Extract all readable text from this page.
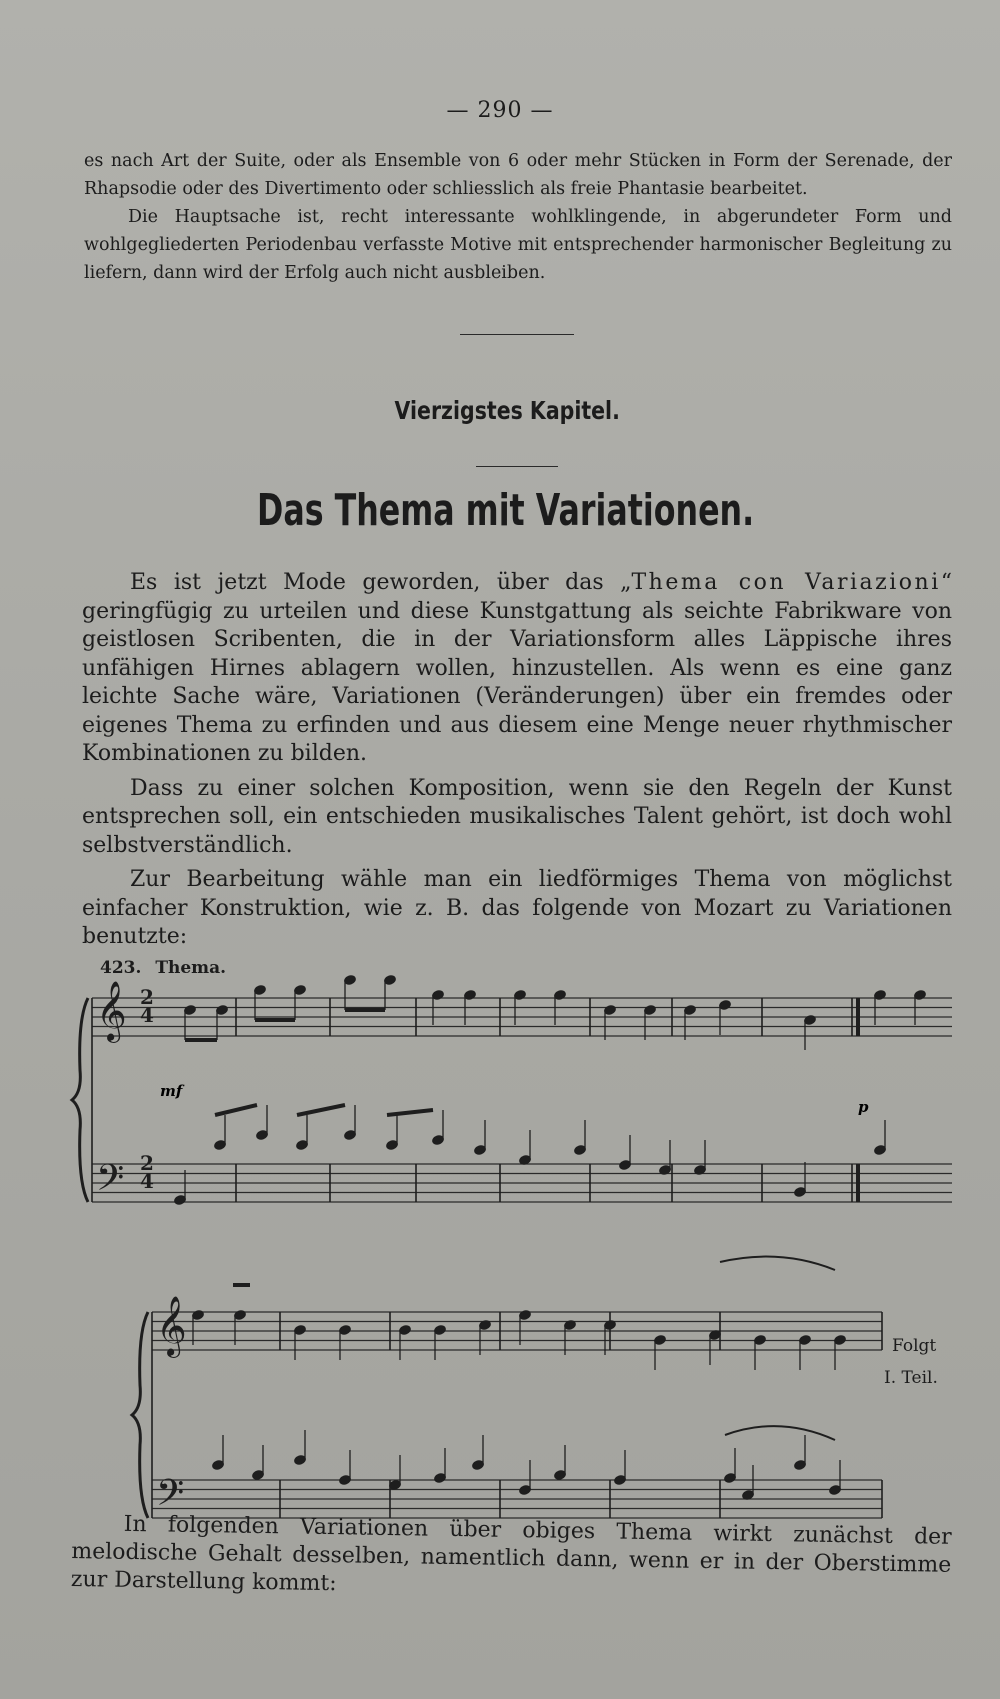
— 290 —

es nach Art der Suite, oder als Ensemble von 6 oder mehr Stücken in Form der Serenade, der Rhapsodie oder des Divertimento oder schliesslich als freie Phantasie bearbeitet.

Die Hauptsache ist, recht interessante wohlklingende, in abgerundeter Form und wohlgegliederten Periodenbau verfasste Motive mit entsprechender harmonischer Begleitung zu liefern, dann wird der Erfolg auch nicht ausbleiben.

Vierzigstes Kapitel.
Das Thema mit Variationen.

Es ist jetzt Mode geworden, über das „Thema con Variazioni“ geringfügig zu urteilen und diese Kunstgattung als seichte Fabrikware von geistlosen Scribenten, die in der Variationsform alles Läppische ihres unfähigen Hirnes ablagern wollen, hinzustellen. Als wenn es eine ganz leichte Sache wäre, Variationen (Veränderungen) über ein fremdes oder eigenes Thema zu erfinden und aus diesem eine Menge neuer rhythmischer Kombinationen zu bilden.

Dass zu einer solchen Komposition, wenn sie den Regeln der Kunst entsprechen soll, ein entschieden musikalisches Talent gehört, ist doch wohl selbstverständlich.

Zur Bearbeitung wähle man ein liedförmiges Thema von möglichst einfacher Konstruktion, wie z. B. das folgende von Mozart zu Variationen benutzte:

423. Thema.
𝄞
𝄢
𝄞
𝄢
2
4
2
4
mf
p
Folgt
I. Teil.

In folgenden Variationen über obiges Thema wirkt zunächst der melodische Gehalt desselben, namentlich dann, wenn er in der Oberstimme zur Darstellung kommt:
